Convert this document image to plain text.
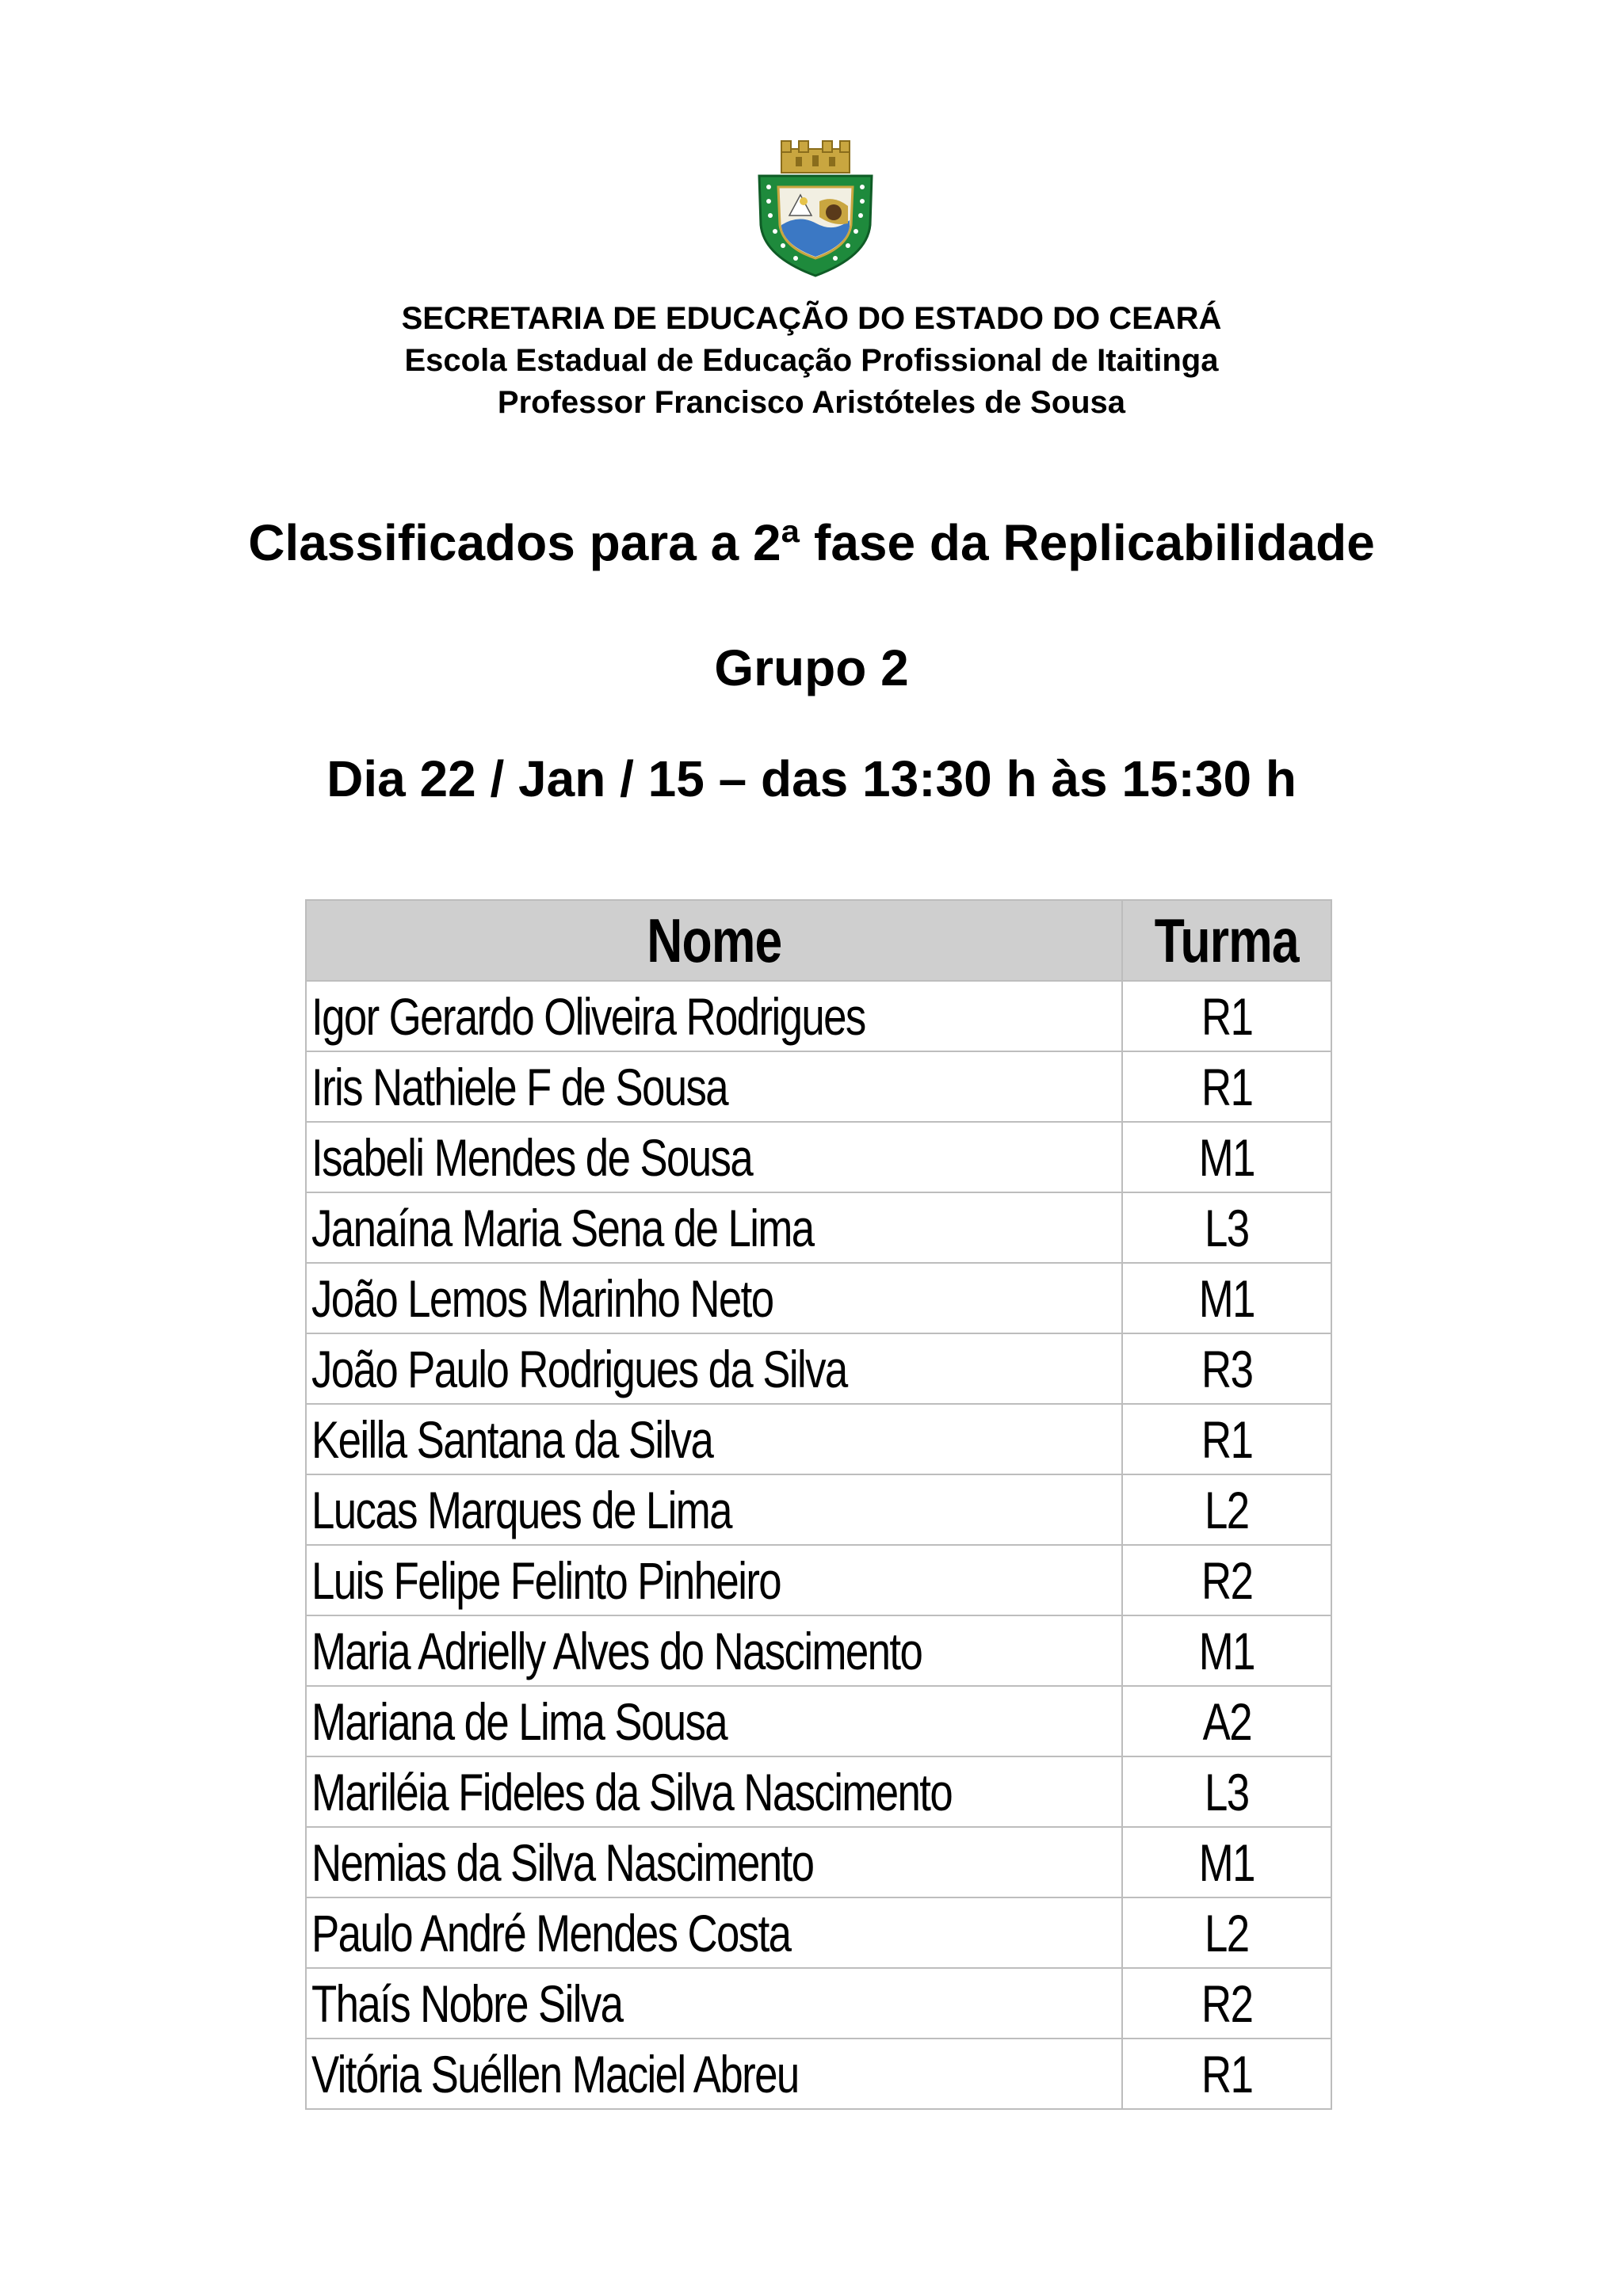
SECRETARIA DE EDUCAÇÃO DO ESTADO DO CEARÁ
Escola Estadual de Educação Profissional de Itaitinga
Professor Francisco Aristóteles de Sousa
Classificados para a 2ª fase da Replicabilidade
Grupo 2
Dia 22 / Jan / 15 – das 13:30 h às 15:30 h
Nome	Turma
Igor Gerardo Oliveira Rodrigues	R1
Iris Nathiele F de Sousa	R1
Isabeli Mendes de Sousa	M1
Janaína Maria Sena de Lima	L3
João Lemos Marinho Neto	M1
João Paulo Rodrigues da Silva	R3
Keilla Santana da Silva	R1
Lucas Marques de Lima	L2
Luis Felipe Felinto Pinheiro	R2
Maria Adrielly Alves do Nascimento	M1
Mariana de Lima Sousa	A2
Mariléia Fideles da Silva Nascimento	L3
Nemias da Silva Nascimento	M1
Paulo André Mendes Costa	L2
Thaís Nobre Silva	R2
Vitória Suéllen Maciel Abreu	R1
